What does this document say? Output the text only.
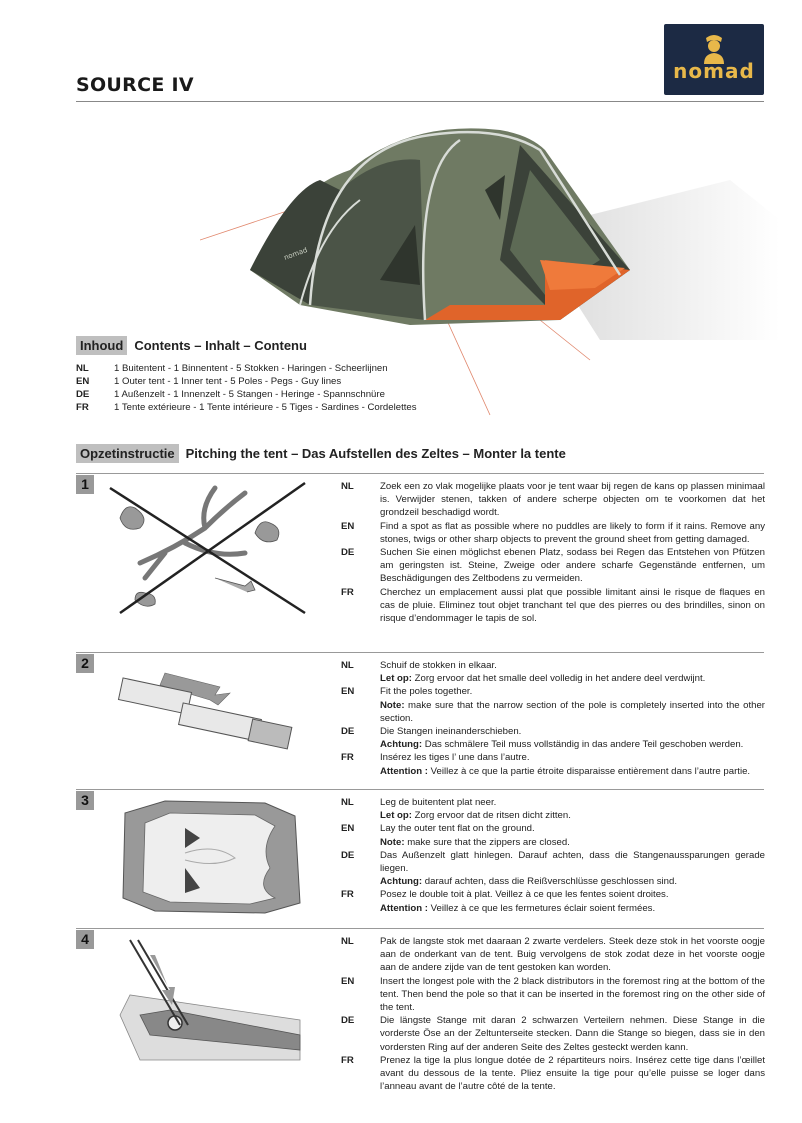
SOURCE IV
nomad
nomad
Inhoud Contents – Inhalt – Contenu
NL	1 Buitentent - 1 Binnentent - 5 Stokken - Haringen - Scheerlijnen
EN	1 Outer tent - 1 Inner tent - 5 Poles - Pegs - Guy lines
DE	1 Außenzelt - 1 Innenzelt - 5 Stangen - Heringe - Spannschnüre
FR	1 Tente extérieure - 1 Tente intérieure - 5 Tiges - Sardines - Cordelettes
Opzetinstructie Pitching the tent – Das Aufstellen des Zeltes – Monter la tente
1	NL	Zoek een zo vlak mogelijke plaats voor je tent waar bij regen de kans op plassen minimaal is. Verwijder stenen, takken of andere scherpe objecten om te voorkomen dat het grondzeil beschadigd wordt.
EN	Find a spot as flat as possible where no puddles are likely to form if it rains. Remove any stones, twigs or other sharp objects to prevent the ground sheet from getting damaged.
DE	Suchen Sie einen möglichst ebenen Platz, sodass bei Regen das Entstehen von Pfützen am geringsten ist. Steine, Zweige oder andere scharfe Gegenstände entfernen, um Beschädigungen des Zeltbodens zu vermeiden.
FR	Cherchez un emplacement aussi plat que possible limitant ainsi le risque de flaques en cas de pluie. Eliminez tout objet tranchant tel que des pierres ou des brindilles, sinon on risque d’endommager le tapis de sol.
2	NL	Schuif de stokken in elkaar.
Let op: Zorg ervoor dat het smalle deel volledig in het andere deel verdwijnt.
EN	Fit the poles together.
Note: make sure that the narrow section of the pole is completely inserted into the other section.
DE	Die Stangen ineinanderschieben.
Achtung: Das schmälere Teil muss vollständig in das andere Teil geschoben werden.
FR	Insérez les tiges l’ une dans l’autre.
Attention : Veillez à ce que la partie étroite disparaisse entièrement dans l’autre partie.
3	NL	Leg de buitentent plat neer.
Let op: Zorg ervoor dat de ritsen dicht zitten.
EN	Lay the outer tent flat on the ground.
Note: make sure that the zippers are closed.
DE	Das Außenzelt glatt hinlegen. Darauf achten, dass die Stangenaussparungen gerade liegen.
Achtung: darauf achten, dass die Reißverschlüsse geschlossen sind.
FR	Posez le double toit à plat. Veillez à ce que les fentes soient droites.
Attention : Veillez à ce que les fermetures éclair soient fermées.
4	NL	Pak de langste stok met daaraan 2 zwarte verdelers. Steek deze stok in het voorste oogje aan de onderkant van de tent. Buig vervolgens de stok zodat deze in het voorste oogje aan de andere zijde van de tent gestoken kan worden.
EN	Insert the longest pole with the 2 black distributors in the foremost ring at the bottom of the tent. Then bend the pole so that it can be inserted in the foremost ring on the other side of the tent.
DE	Die längste Stange mit daran 2 schwarzen Verteilern nehmen. Diese Stange in die vorderste Öse an der Zeltunterseite stecken. Dann die Stange so biegen, dass sie in den vordersten Ring auf der anderen Seite des Zeltes gesteckt werden kann.
FR	Prenez la tige la plus longue dotée de 2 répartiteurs noirs. Insérez cette tige dans l’œillet avant du dessous de la tente. Pliez ensuite la tige pour qu’elle puisse se loger dans l’anneau avant de l’autre côté de la tente.
